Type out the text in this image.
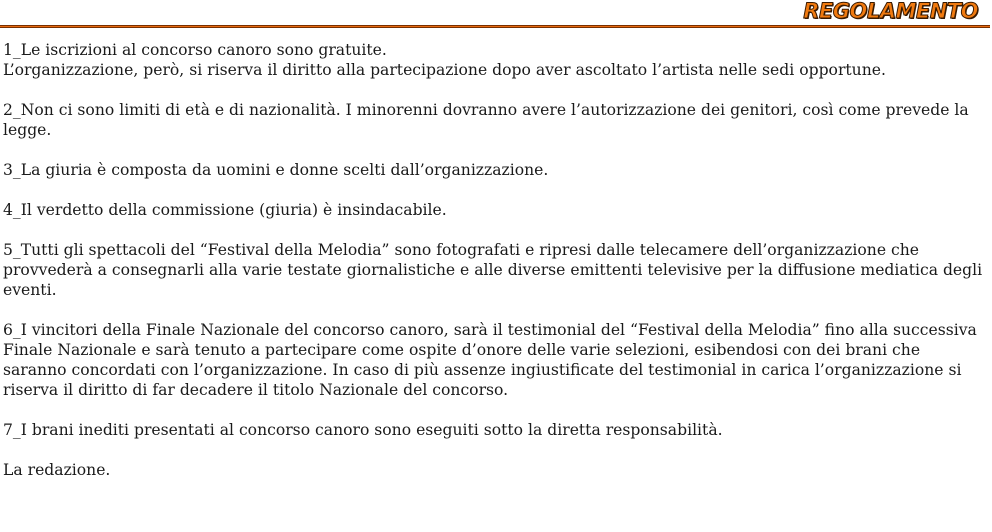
REGOLAMENTO
1_Le iscrizioni al concorso canoro sono gratuite.

L’organizzazione, però, si riserva il diritto alla partecipazione dopo aver ascoltato l’artista nelle sedi opportune.

2_Non ci sono limiti di età e di nazionalità. I minorenni dovranno avere l’autorizzazione dei genitori, così come prevede la legge.

3_La giuria è composta da uomini e donne scelti dall’organizzazione.

4_Il verdetto della commissione (giuria) è insindacabile.

5_Tutti gli spettacoli del “Festival della Melodia” sono fotografati e ripresi dalle telecamere dell’organizzazione che provvederà a consegnarli alla varie testate giornalistiche e alle diverse emittenti televisive per la diffusione mediatica degli eventi.

6_I vincitori della Finale Nazionale del concorso canoro, sarà il testimonial del “Festival della Melodia” fino alla successiva Finale Nazionale e sarà tenuto a partecipare come ospite d’onore delle varie selezioni, esibendosi con dei brani che saranno concordati con l’organizzazione. In caso di più assenze ingiustificate del testimonial in carica l’organizzazione si riserva il diritto di far decadere il titolo Nazionale del concorso.

7_I brani inediti presentati al concorso canoro sono eseguiti sotto la diretta responsabilità.

La redazione.
